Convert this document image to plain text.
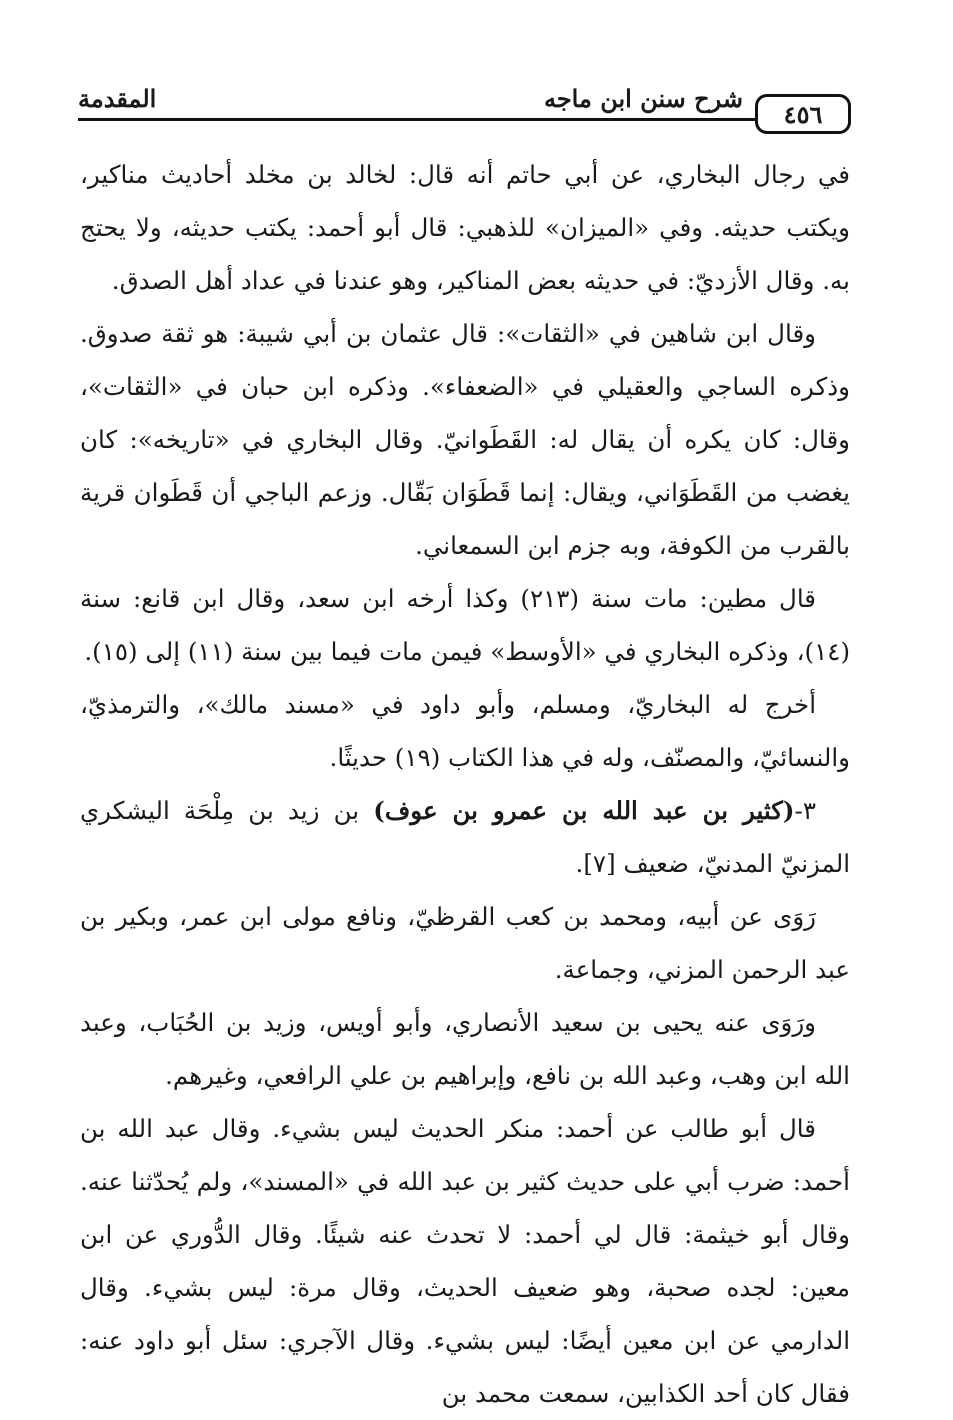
٤٥٦
شرح سنن ابن ماجه
المقدمة

في رجال البخاري، عن أبي حاتم أنه قال: لخالد بن مخلد أحاديث مناكير، ويكتب حديثه. وفي «الميزان» للذهبي: قال أبو أحمد: يكتب حديثه، ولا يحتج به. وقال الأزديّ: في حديثه بعض المناكير، وهو عندنا في عداد أهل الصدق.

وقال ابن شاهين في «الثقات»: قال عثمان بن أبي شيبة: هو ثقة صدوق. وذكره الساجي والعقيلي في «الضعفاء». وذكره ابن حبان في «الثقات»، وقال: كان يكره أن يقال له: القَطَوانيّ. وقال البخاري في «تاريخه»: كان يغضب من القَطَوَاني، ويقال: إنما قَطَوَان بَقّال. وزعم الباجي أن قَطَوان قرية بالقرب من الكوفة، وبه جزم ابن السمعاني.

قال مطين: مات سنة (٢١٣) وكذا أرخه ابن سعد، وقال ابن قانع: سنة (١٤)، وذكره البخاري في «الأوسط» فيمن مات فيما بين سنة (١١) إلى (١٥).

أخرج له البخاريّ، ومسلم، وأبو داود في «مسند مالك»، والترمذيّ، والنسائيّ، والمصنّف، وله في هذا الكتاب (١٩) حديثًا.

٣-(كثير بن عبد الله بن عمرو بن عوف) بن زيد بن مِلْحَة اليشكري المزنيّ المدنيّ، ضعيف [٧].

رَوَى عن أبيه، ومحمد بن كعب القرظيّ، ونافع مولى ابن عمر، وبكير بن عبد الرحمن المزني، وجماعة.

ورَوَى عنه يحيى بن سعيد الأنصاري، وأبو أويس، وزيد بن الحُبَاب، وعبد الله ابن وهب، وعبد الله بن نافع، وإبراهيم بن علي الرافعي، وغيرهم.

قال أبو طالب عن أحمد: منكر الحديث ليس بشيء. وقال عبد الله بن أحمد: ضرب أبي على حديث كثير بن عبد الله في «المسند»، ولم يُحدّثنا عنه. وقال أبو خيثمة: قال لي أحمد: لا تحدث عنه شيئًا. وقال الدُّوري عن ابن معين: لجده صحبة، وهو ضعيف الحديث، وقال مرة: ليس بشيء. وقال الدارمي عن ابن معين أيضًا: ليس بشيء. وقال الآجري: سئل أبو داود عنه: فقال كان أحد الكذابين، سمعت محمد بن
